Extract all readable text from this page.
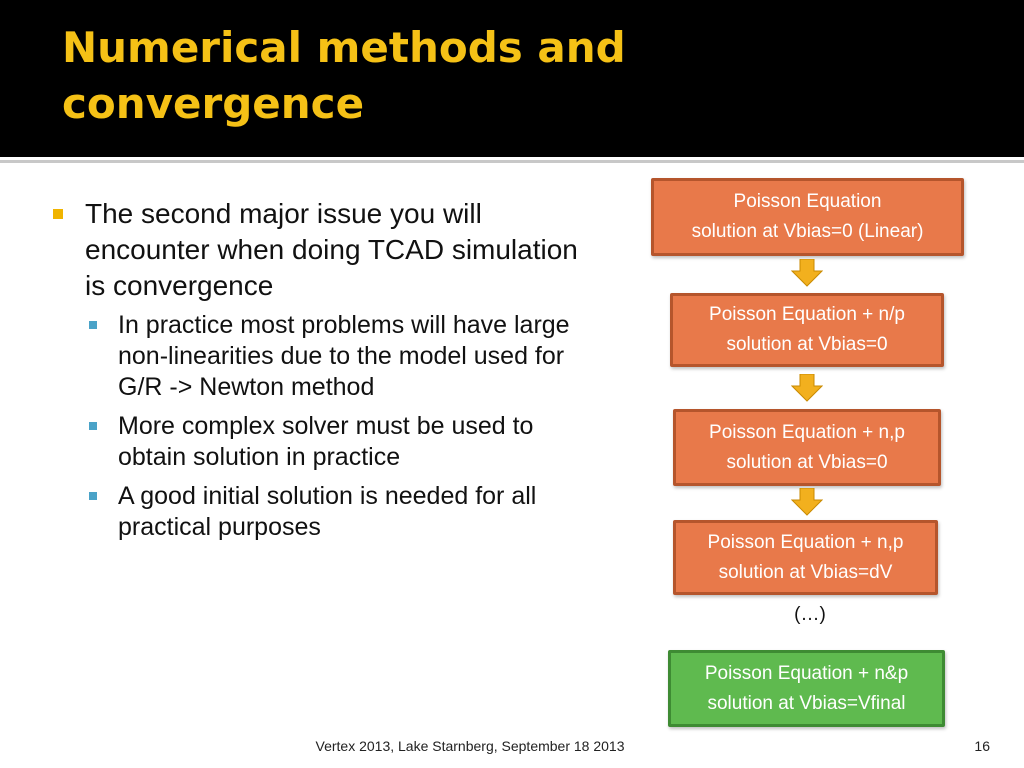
Numerical methods and
convergence
The second major issue you will encounter when doing TCAD simulation is convergence
In practice most problems will have large non-linearities due to the model used for G/R -> Newton method
More complex solver must be used to obtain solution in practice
A good initial solution is needed for all practical purposes
Poisson Equation
solution at Vbias=0 (Linear)
Poisson Equation + n/p
solution at Vbias=0
Poisson Equation + n,p
solution at Vbias=0
Poisson Equation + n,p
solution at Vbias=dV
(…)
Poisson Equation + n&p
solution at Vbias=Vfinal
Vertex 2013, Lake Starnberg, September 18 2013	16
